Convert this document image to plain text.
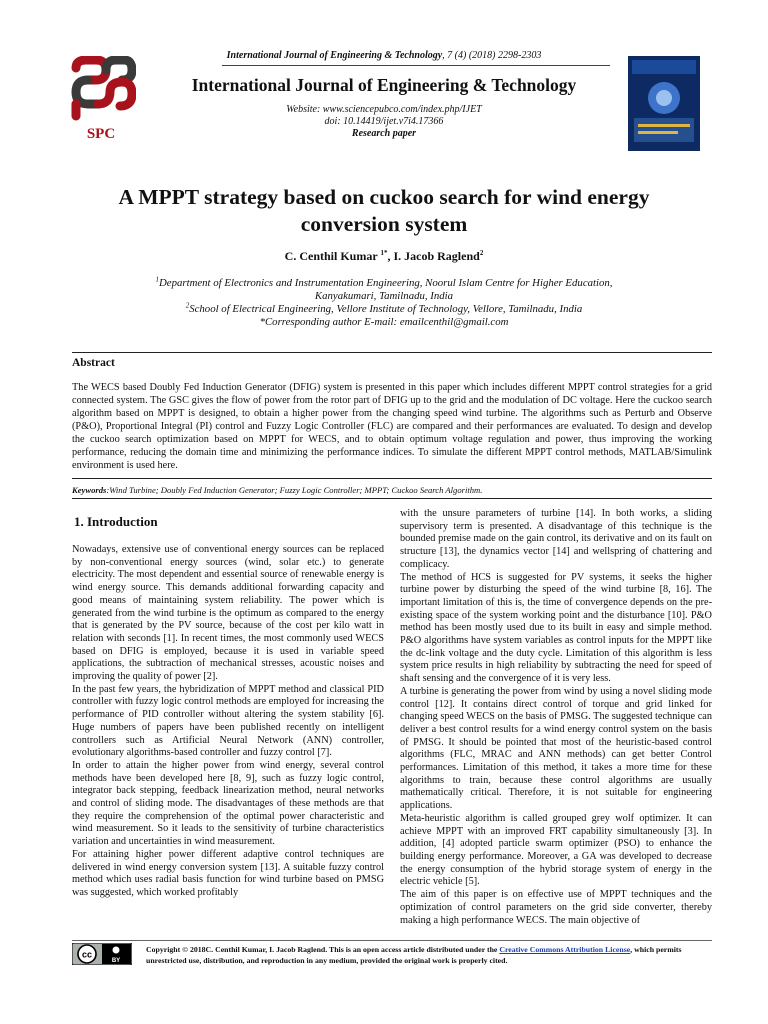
International Journal of Engineering & Technology, 7 (4) (2018) 2298-2303
SPC
International Journal of Engineering & Technology
Website: www.sciencepubco.com/index.php/IJET
doi: 10.14419/ijet.v7i4.17366
Research paper
A MPPT strategy based on cuckoo search for wind energy
conversion system
C. Centhil Kumar $^{1*}$, I. Jacob Raglend$^2$
$^1$Department of Electronics and Instrumentation Engineering, Noorul Islam Centre for Higher Education,
Kanyakumari, Tamilnadu, India
$^2$School of Electrical Engineering, Vellore Institute of Technology, Vellore, Tamilnadu, India
*Corresponding author E-mail: emailcenthil@gmail.com
Abstract
The WECS based Doubly Fed Induction Generator (DFIG) system is presented in this paper which includes different MPPT control strategies for a grid connected system. The GSC gives the flow of power from the rotor part of DFIG up to the grid and the modulation of DC voltage. Here the cuckoo search algorithm based on MPPT is designed, to obtain a higher power from the changing speed wind turbine. The algorithms such as Perturb and Observe (P&O), Proportional Integral (PI) control and Fuzzy Logic Controller (FLC) are compared and their performances are evaluated. To design and develop the cuckoo search optimization based on MPPT for WECS, and to obtain optimum voltage regulation and power, thus improving the working performance, reducing the domain time and minimizing the performance indices. To simulate the different MPPT control methods, MATLAB/Simulink environment is used here.
Keywords:Wind Turbine; Doubly Fed Induction Generator; Fuzzy Logic Controller; MPPT; Cuckoo Search Algorithm.
1. Introduction

Nowadays, extensive use of conventional energy sources can be replaced by non-conventional energy sources (wind, solar etc.) to generate electricity. The most dependent and essential source of renewable energy is wind energy source. This demands additional forwarding capacity and good means of maintaining system reliability. The power which is generated from the wind turbine is the optimum as compared to the energy that is generated by the PV source, because of the cost per kilo watt in relation with seconds [1]. In recent times, the most commonly used WECS based on DFIG is employed, because it is used in variable speed applications, the subtraction of mechanical stresses, acoustic noises and improving the quality of power [2].

In the past few years, the hybridization of MPPT method and classical PID controller with fuzzy logic control methods are employed for increasing the performance of PID controller without altering the system stability [6]. Huge numbers of papers have been published recently on intelligent controllers such as Artificial Neural Network (ANN) controller, evolutionary algorithms-based controller and fuzzy control [7].

In order to attain the higher power from wind energy, several control methods have been developed here [8, 9], such as fuzzy logic control, integrator back stepping, feedback linearization method, neural networks and control of sliding mode. The disadvantages of these methods are that they require the comprehension of the optimal power characteristic and wind measurement. So it leads to the sensitivity of turbine characteristics variation and uncertainties in wind measurement.

For attaining higher power different adaptive control techniques are delivered in wind energy conversion system [13]. A suitable fuzzy control method which uses radial basis function for wind turbine based on PMSG was suggested, which worked profitably

with the unsure parameters of turbine [14]. In both works, a sliding supervisory term is presented. A disadvantage of this technique is the bounded premise made on the gain control, its derivative and on its fault on structure [13], the dynamics vector [14] and wellspring of chattering and complicacy.

The method of HCS is suggested for PV systems, it seeks the higher turbine power by disturbing the speed of the wind turbine [8, 16]. The important limitation of this is, the time of convergence depends on the pre-existing space of the system working point and the disturbance [10]. P&O method has been mostly used due to its built in easy and simple method. P&O algorithms have system variables as control inputs for the MPPT like the dc-link voltage and the duty cycle. Limitation of this algorithm is less system price results in high reliability by subtracting the need for speed of shaft sensing and the convergence of it is very less.

A turbine is generating the power from wind by using a novel sliding mode control [12]. It contains direct control of torque and grid linked for changing speed WECS on the basis of PMSG. The suggested technique can deliver a best control results for a wind energy control system on the basis of PMSG. It should be pointed that most of the heuristic-based control algorithms (FLC, MRAC and ANN methods) can get better Control performances. Limitation of this method, it takes a more time for these algorithms to train, because these control algorithms are usually mathematically critical. Therefore, it is not suitable for engineering applications.

Meta-heuristic algorithm is called grouped grey wolf optimizer. It can achieve MPPT with an improved FRT capability simultaneously [3]. In addition, [4] adopted particle swarm optimizer (PSO) to enhance the building energy performance. Moreover, a GA was developed to decrease the energy consumption of the hybrid storage system of energy in the electric vehicle [5].

The aim of this paper is on effective use of MPPT techniques and the optimization of control parameters on the grid side converter, thereby making a high performance WECS. The main objective of

cc
BY
Copyright © 2018C. Centhil Kumar, I. Jacob Raglend. This is an open access article distributed under the Creative Commons Attribution License, which permits unrestricted use, distribution, and reproduction in any medium, provided the original work is properly cited.
